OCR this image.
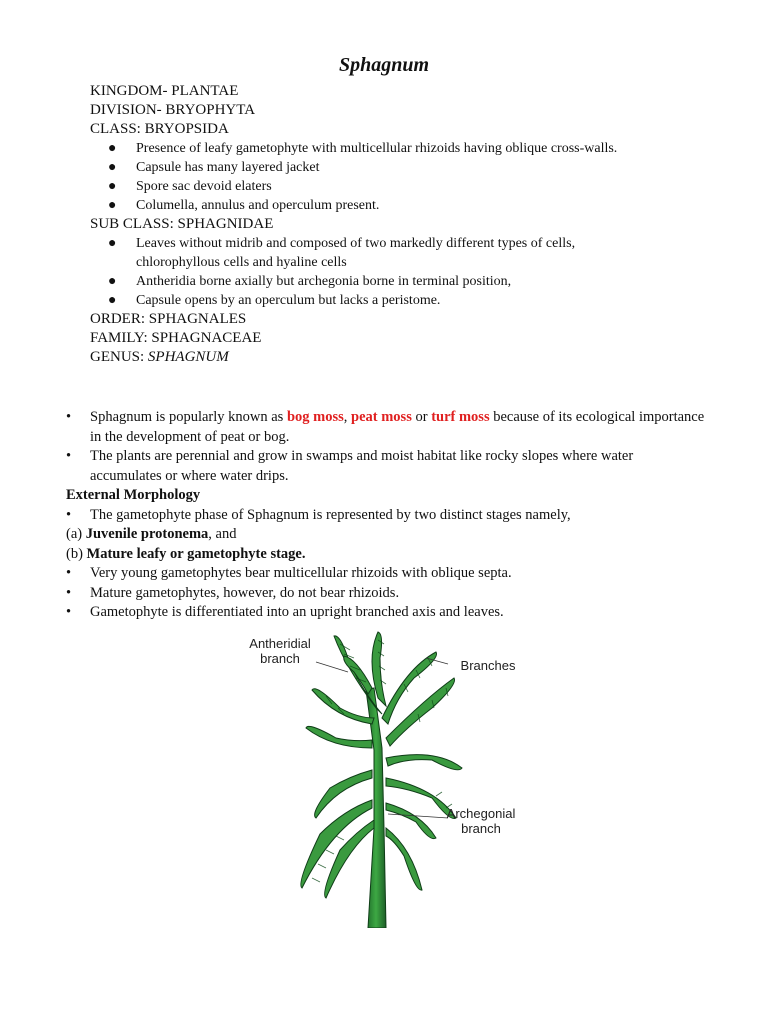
Sphagnum
KINGDOM- PLANTAE
DIVISION- BRYOPHYTA
CLASS: BRYOPSIDA
● Presence of leafy gametophyte with multicellular rhizoids having oblique cross-walls.
● Capsule has many layered jacket
● Spore sac devoid elaters
● Columella, annulus and operculum present.
SUB CLASS: SPHAGNIDAE
● Leaves without midrib and composed of two markedly different types of cells, chlorophyllous cells and hyaline cells
● Antheridia borne axially but archegonia borne in terminal position,
● Capsule opens by an operculum but lacks a peristome.
ORDER: SPHAGNALES
FAMILY: SPHAGNACEAE
GENUS: SPHAGNUM
• Sphagnum is popularly known as bog moss, peat moss or turf moss because of its ecological importance in the development of peat or bog.
• The plants are perennial and grow in swamps and moist habitat like rocky slopes where water accumulates or where water drips.
External Morphology
• The gametophyte phase of Sphagnum is represented by two distinct stages namely,
(a) Juvenile protonema, and
(b) Mature leafy or gametophyte stage.
• Very young gametophytes bear multicellular rhizoids with oblique septa.
• Mature gametophytes, however, do not bear rhizoids.
• Gametophyte is differentiated into an upright branched axis and leaves.
Antheridial
branch	Branches
Archegonial
branch
